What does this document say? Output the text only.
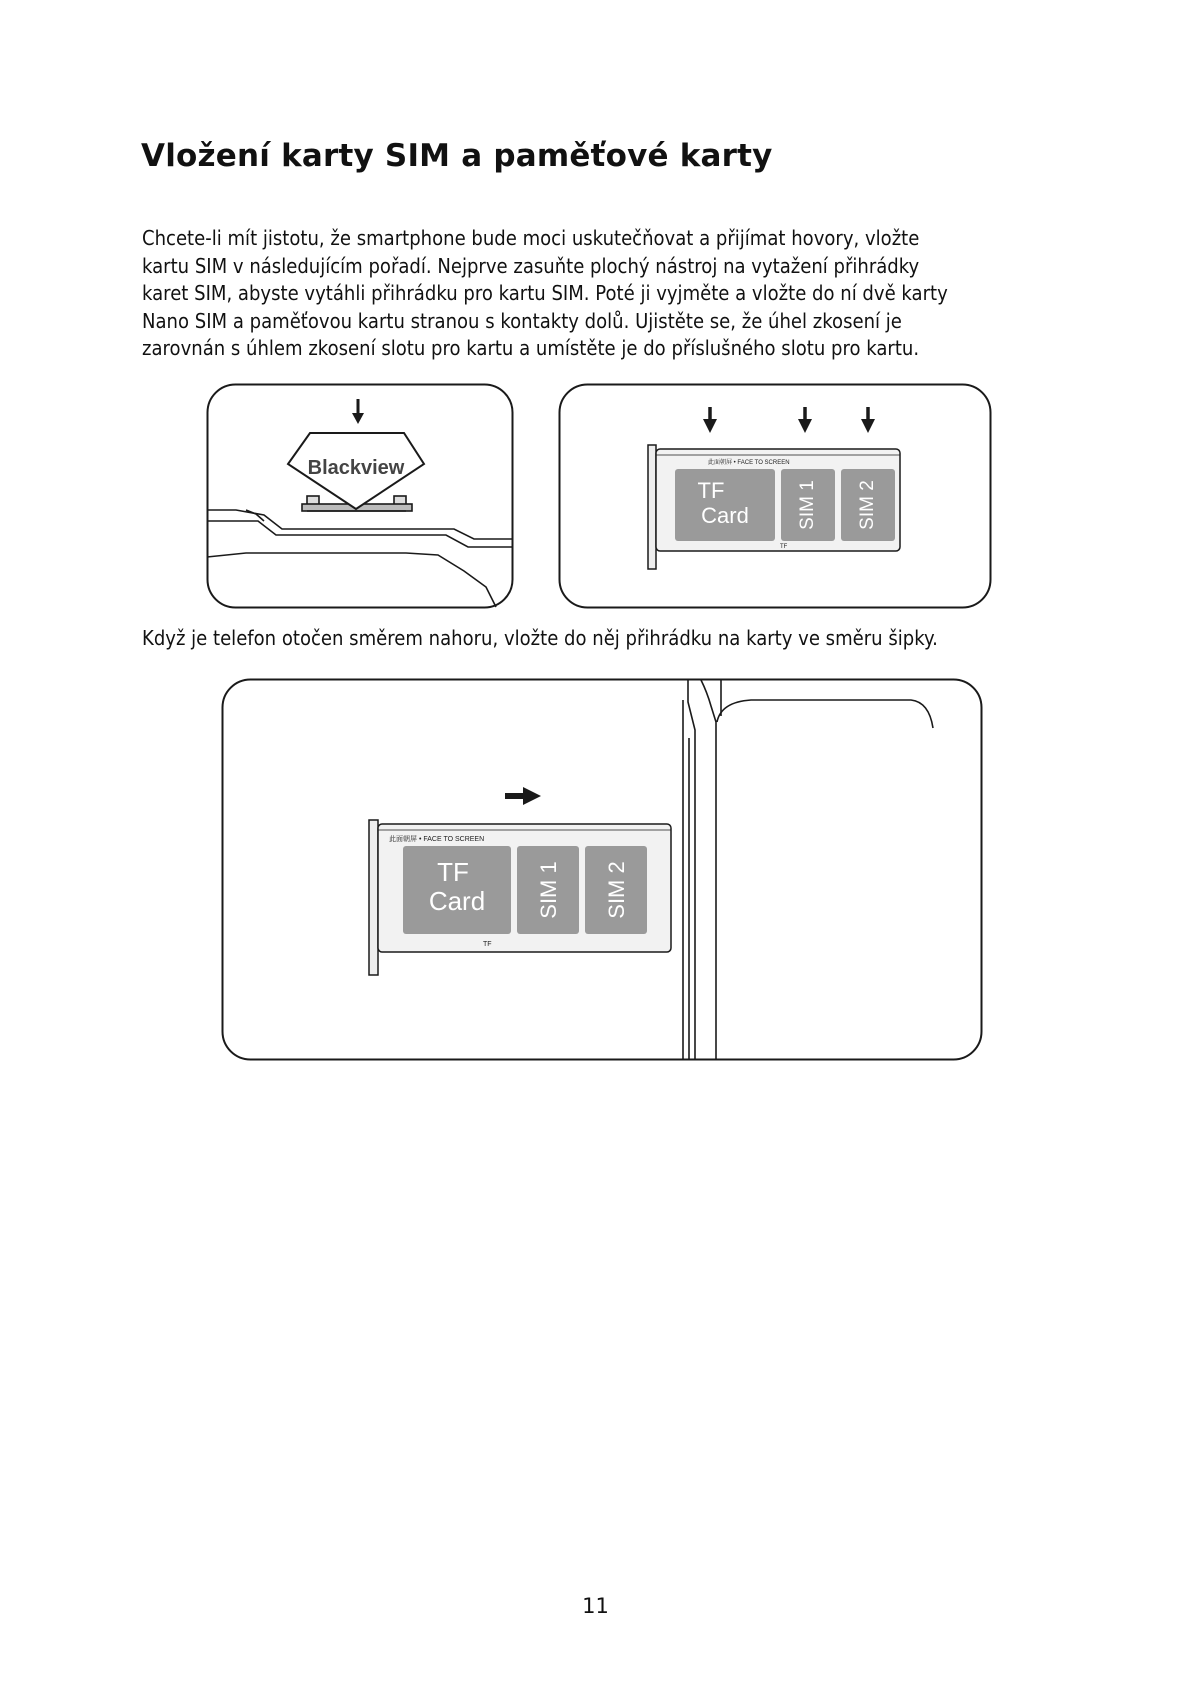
Vložení karty SIM a paměťové karty
Chcete-li mít jistotu, že smartphone bude moci uskutečňovat a přijímat hovory, vložte
kartu SIM v následujícím pořadí. Nejprve zasuňte plochý nástroj na vytažení přihrádky
karet SIM, abyste vytáhli přihrádku pro kartu SIM. Poté ji vyjměte a vložte do ní dvě karty
Nano SIM a paměťovou kartu stranou s kontakty dolů. Ujistěte se, že úhel zkosení je
zarovnán s úhlem zkosení slotu pro kartu a umístěte je do příslušného slotu pro kartu.
Blackview	此面朝屏 • FACE TO SCREEN
TF
TF
Card	SIM 1 SIM 2

Když je telefon otočen směrem nahoru, vložte do něj přihrádku na karty ve směru šipky.

此面朝屏 • FACE TO SCREEN
TF
TF
Card SIM 1 SIM 2
11
